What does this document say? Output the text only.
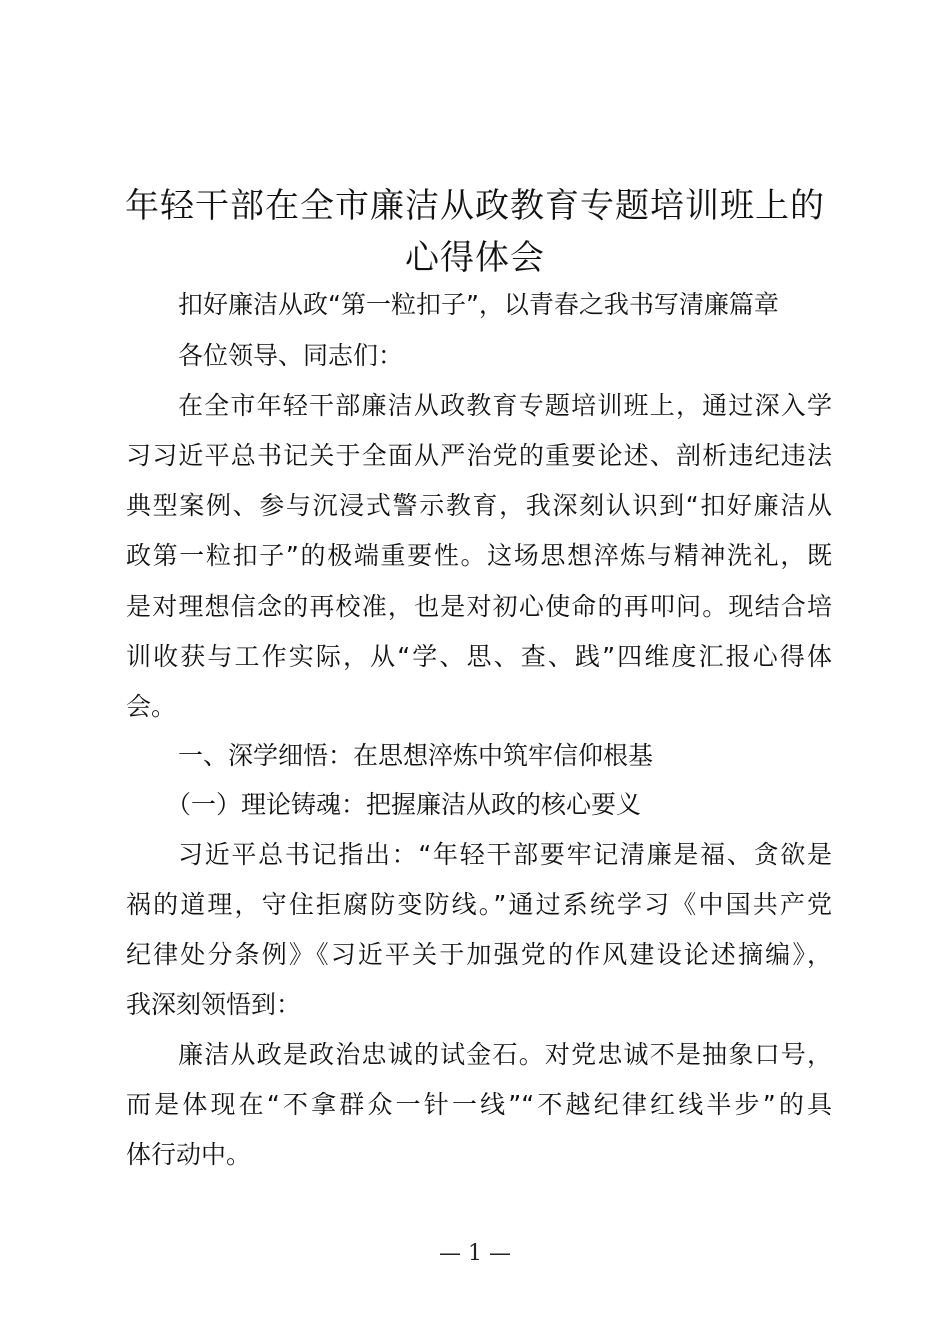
年轻干部在全市廉洁从政教育专题培训班上的
心得体会
扣好廉洁从政“第一粒扣子”，以青春之我书写清廉篇章
各位领导、同志们：
在全市年轻干部廉洁从政教育专题培训班上，通过深入学
习习近平总书记关于全面从严治党的重要论述、剖析违纪违法
典型案例、参与沉浸式警示教育，我深刻认识到“扣好廉洁从
政第一粒扣子”的极端重要性。这场思想淬炼与精神洗礼，既
是对理想信念的再校准，也是对初心使命的再叩问。现结合培
训收获与工作实际，从“学、思、查、践”四维度汇报心得体
会。
一、深学细悟：在思想淬炼中筑牢信仰根基
（一）理论铸魂：把握廉洁从政的核心要义
习近平总书记指出：“年轻干部要牢记清廉是福、贪欲是
祸的道理，守住拒腐防变防线。”通过系统学习《中国共产党
纪律处分条例》《习近平关于加强党的作风建设论述摘编》，
我深刻领悟到：
廉洁从政是政治忠诚的试金石。对党忠诚不是抽象口号，
而是体现在“不拿群众一针一线”“不越纪律红线半步”的具
体行动中。
— 1 —
